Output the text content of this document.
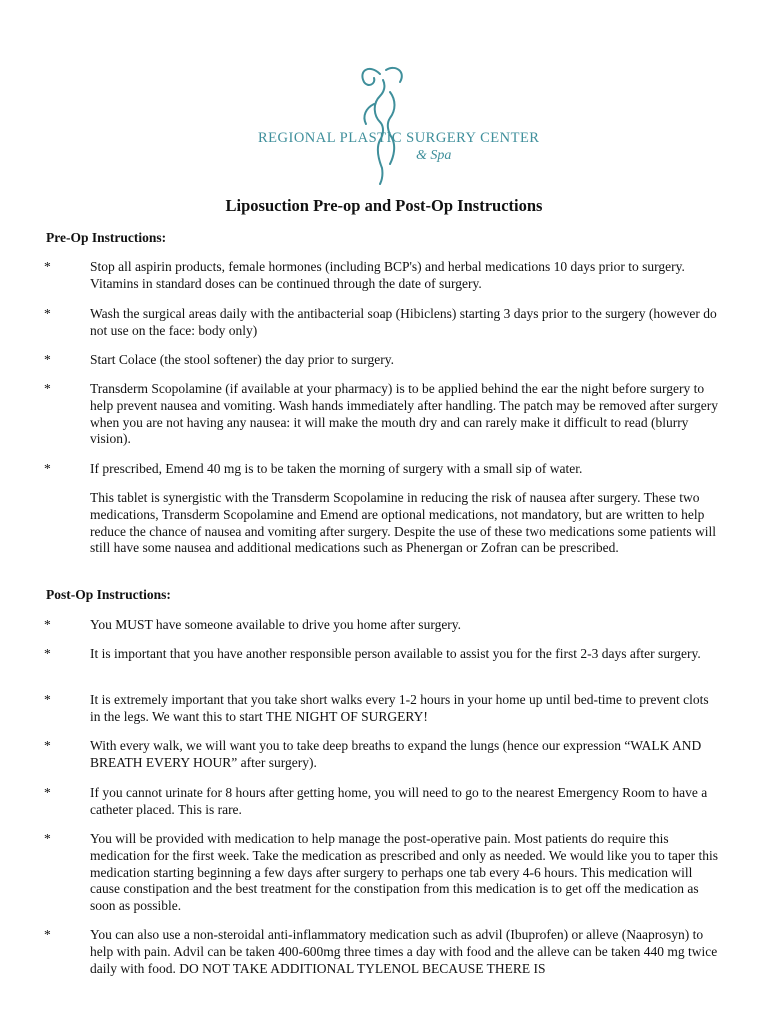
REGIONAL PLASTIC SURGERY CENTER
& Spa
Liposuction Pre-op and Post-Op Instructions
Pre-Op Instructions:
*	Stop all aspirin products, female hormones (including BCP's) and herbal medications 10 days prior to surgery. Vitamins in standard doses can be continued through the date of surgery.
*	Wash the surgical areas daily with the antibacterial soap (Hibiclens) starting 3 days prior to the surgery (however do not use on the face: body only)
*	Start Colace (the stool softener) the day prior to surgery.
*	Transderm Scopolamine (if available at your pharmacy) is to be applied behind the ear the night before surgery to help prevent nausea and vomiting. Wash hands immediately after handling. The patch may be removed after surgery when you are not having any nausea: it will make the mouth dry and can rarely make it difficult to read (blurry vision).
*	If prescribed, Emend 40 mg is to be taken the morning of surgery with a small sip of water.
This tablet is synergistic with the Transderm Scopolamine in reducing the risk of nausea after surgery. These two medications, Transderm Scopolamine and Emend are optional medications, not mandatory, but are written to help reduce the chance of nausea and vomiting after surgery. Despite the use of these two medications some patients will still have some nausea and additional medications such as Phenergan or Zofran can be prescribed.
Post-Op Instructions:
*	You MUST have someone available to drive you home after surgery.
*	It is important that you have another responsible person available to assist you for the first 2-3 days after surgery.
*	It is extremely important that you take short walks every 1-2 hours in your home up until bed-time to prevent clots in the legs. We want this to start THE NIGHT OF SURGERY!
*	With every walk, we will want you to take deep breaths to expand the lungs (hence our expression “WALK AND BREATH EVERY HOUR” after surgery).
*	If you cannot urinate for 8 hours after getting home, you will need to go to the nearest Emergency Room to have a catheter placed. This is rare.
*	You will be provided with medication to help manage the post-operative pain. Most patients do require this medication for the first week. Take the medication as prescribed and only as needed. We would like you to taper this medication starting beginning a few days after surgery to perhaps one tab every 4-6 hours. This medication will cause constipation and the best treatment for the constipation from this medication is to get off the medication as soon as possible.
*	You can also use a non-steroidal anti-inflammatory medication such as advil (Ibuprofen) or alleve (Naaprosyn) to help with pain. Advil can be taken 400-600mg three times a day with food and the alleve can be taken 440 mg twice daily with food. DO NOT TAKE ADDITIONAL TYLENOL BECAUSE THERE IS
